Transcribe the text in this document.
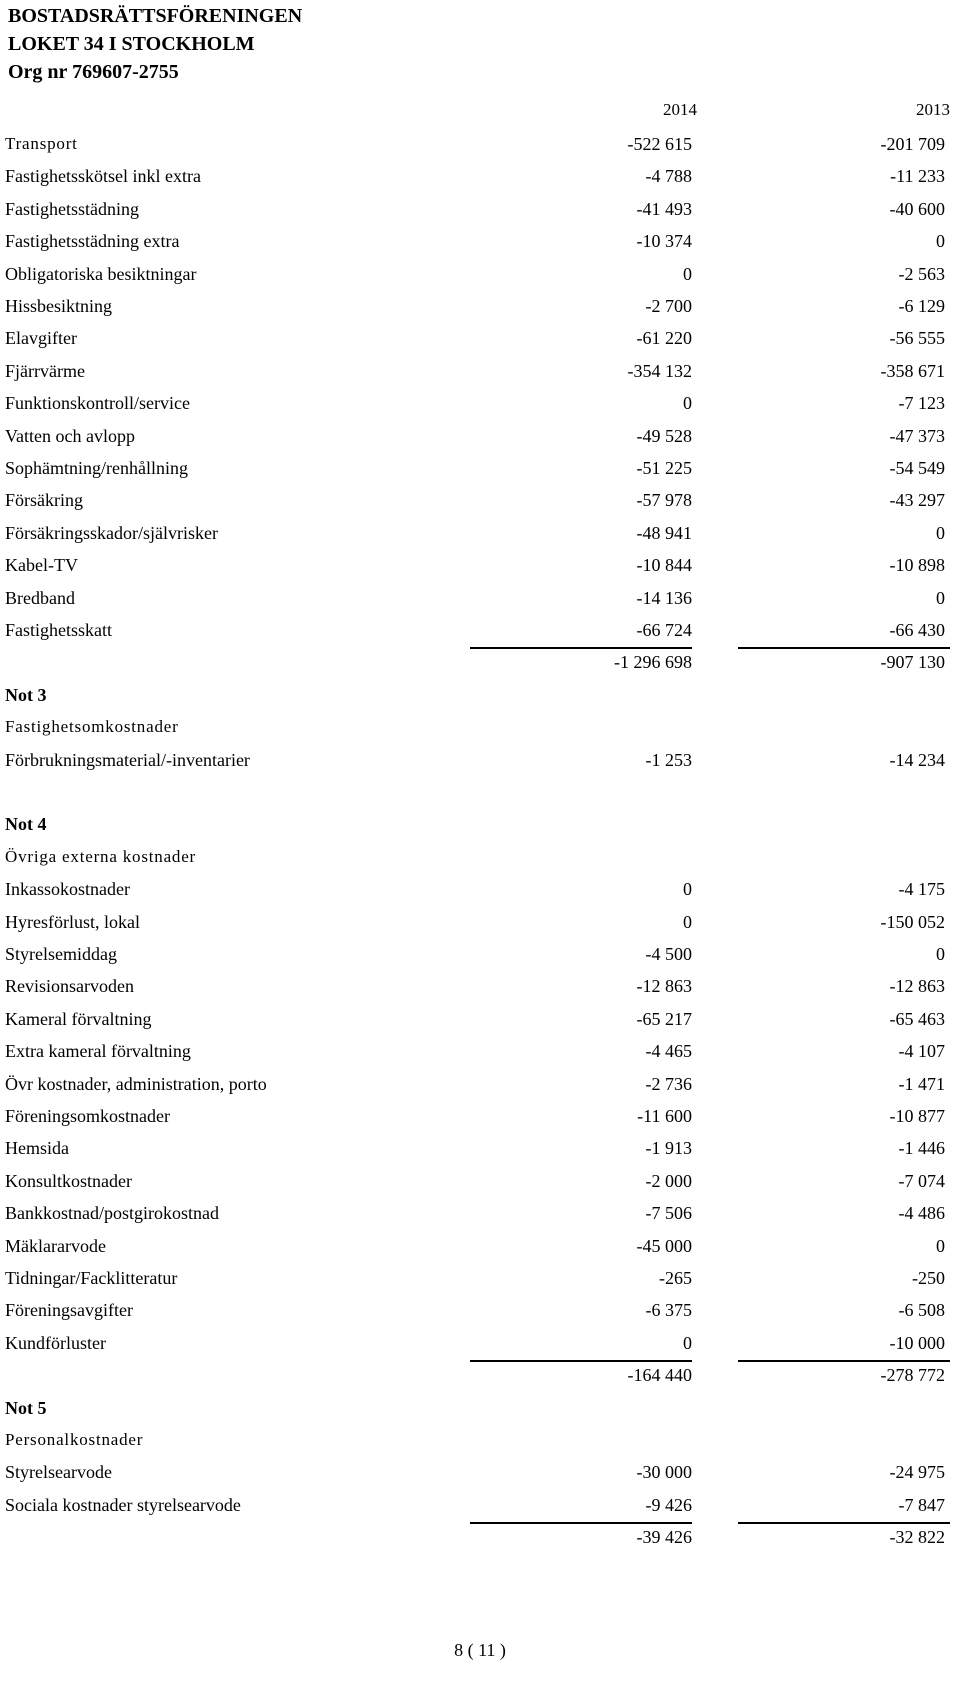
BOSTADSRÄTTSFÖRENINGEN
LOKET 34 I STOCKHOLM
Org nr 769607-2755
2014	2013
Transport	-522 615	-201 709
Fastighetsskötsel inkl extra	-4 788	-11 233
Fastighetsstädning	-41 493	-40 600
Fastighetsstädning extra	-10 374	0
Obligatoriska besiktningar	0	-2 563
Hissbesiktning	-2 700	-6 129
Elavgifter	-61 220	-56 555
Fjärrvärme	-354 132	-358 671
Funktionskontroll/service	0	-7 123
Vatten och avlopp	-49 528	-47 373
Sophämtning/renhållning	-51 225	-54 549
Försäkring	-57 978	-43 297
Försäkringsskador/självrisker	-48 941	0
Kabel-TV	-10 844	-10 898
Bredband	-14 136	0
Fastighetsskatt	-66 724	-66 430
-1 296 698	-907 130
Not 3
Fastighetsomkostnader
Förbrukningsmaterial/-inventarier	-1 253	-14 234
Not 4
Övriga externa kostnader
Inkassokostnader	0	-4 175
Hyresförlust, lokal	0	-150 052
Styrelsemiddag	-4 500	0
Revisionsarvoden	-12 863	-12 863
Kameral förvaltning	-65 217	-65 463
Extra kameral förvaltning	-4 465	-4 107
Övr kostnader, administration, porto	-2 736	-1 471
Föreningsomkostnader	-11 600	-10 877
Hemsida	-1 913	-1 446
Konsultkostnader	-2 000	-7 074
Bankkostnad/postgirokostnad	-7 506	-4 486
Mäklararvode	-45 000	0
Tidningar/Facklitteratur	-265	-250
Föreningsavgifter	-6 375	-6 508
Kundförluster	0	-10 000
-164 440	-278 772
Not 5
Personalkostnader
Styrelsearvode	-30 000	-24 975
Sociala kostnader styrelsearvode	-9 426	-7 847
-39 426	-32 822
8 ( 11 )
